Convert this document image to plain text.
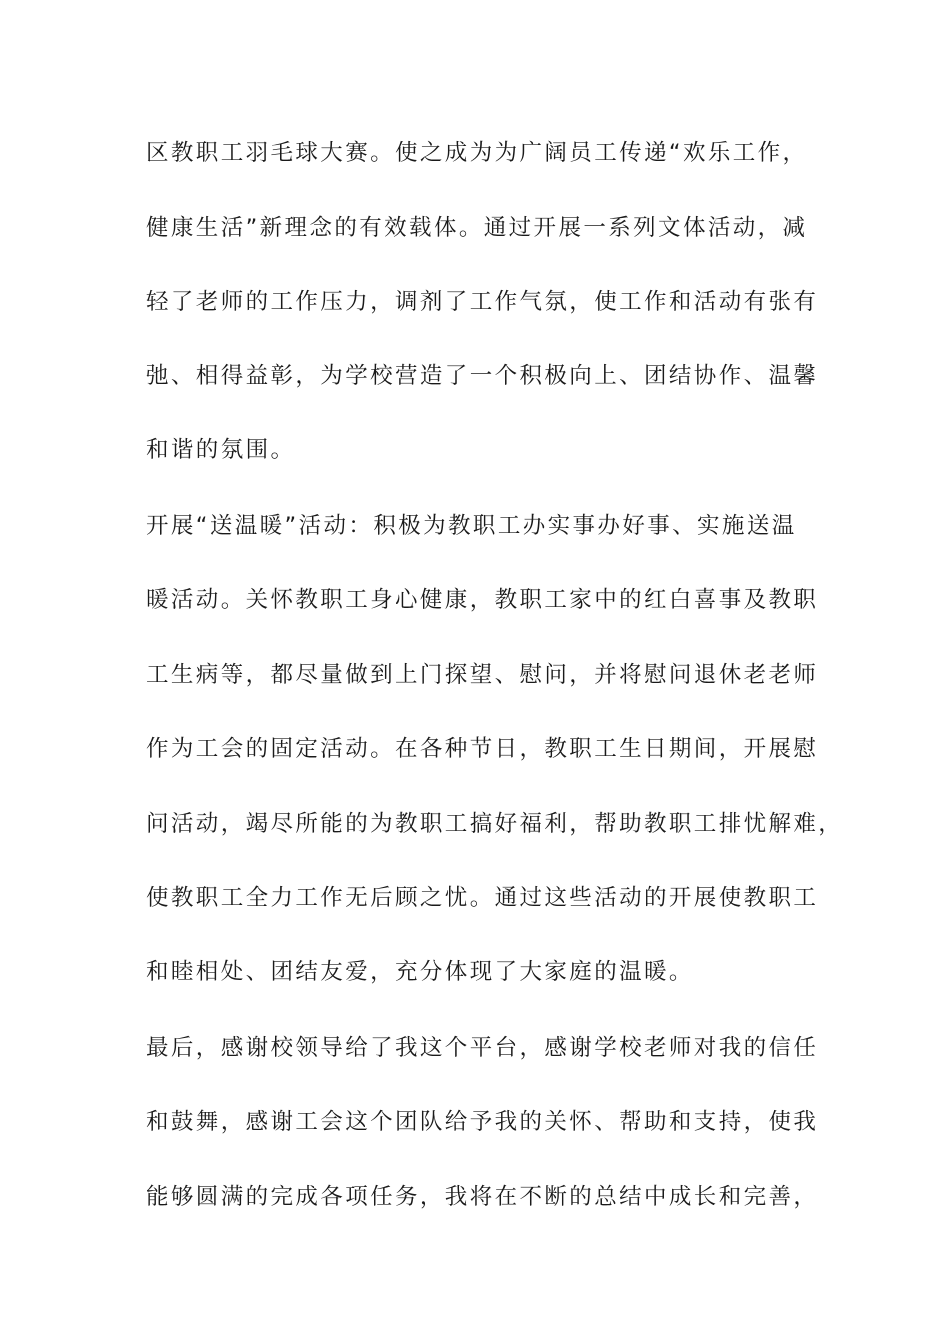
区教职工羽毛球大赛。使之成为为广阔员工传递“欢乐工作，
健康生活”新理念的有效载体。通过开展一系列文体活动，减
轻了老师的工作压力，调剂了工作气氛，使工作和活动有张有
弛、相得益彰，为学校营造了一个积极向上、团结协作、温馨
和谐的氛围。
开展“送温暖”活动：积极为教职工办实事办好事、实施送温
暖活动。关怀教职工身心健康，教职工家中的红白喜事及教职
工生病等，都尽量做到上门探望、慰问，并将慰问退休老老师
作为工会的固定活动。在各种节日，教职工生日期间，开展慰
问活动，竭尽所能的为教职工搞好福利，帮助教职工排忧解难，
使教职工全力工作无后顾之忧。通过这些活动的开展使教职工
和睦相处、团结友爱，充分体现了大家庭的温暖。
最后，感谢校领导给了我这个平台，感谢学校老师对我的信任
和鼓舞，感谢工会这个团队给予我的关怀、帮助和支持，使我
能够圆满的完成各项任务，我将在不断的总结中成长和完善，
